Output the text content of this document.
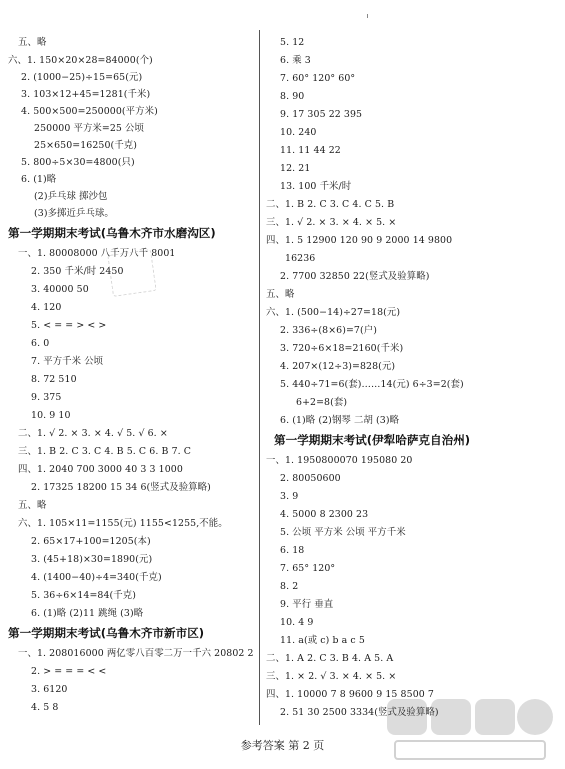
五、略
六、1. 150×20×28=84000(个)
2. (1000−25)÷15=65(元)
3. 103×12+45=1281(千米)
4. 500×500=250000(平方米)
250000 平方米=25 公顷
25×650=16250(千克)
5. 800÷5×30=4800(只)
6. (1)略
(2)乒乓球 掷沙包
(3)多掷近乒乓球。
第一学期期末考试(乌鲁木齐市水磨沟区)
一、1. 80008000 八千万八千 8001
2. 350 千米/时 2450
3. 40000 50
4. 120
5. < = = > < >
6. 0
7. 平方千米 公顷
8. 72 510
9. 375
10. 9 10
二、1. √ 2. × 3. × 4. √ 5. √ 6. ×
三、1. B 2. C 3. C 4. B 5. C 6. B 7. C
四、1. 2040 700 3000 40 3 3 1000
2. 17325 18200 15 34 6(竖式及验算略)
五、略
六、1. 105×11=1155(元) 1155<1255,不能。
2. 65×17+100=1205(本)
3. (45+18)×30=1890(元)
4. (1400−40)÷4=340(千克)
5. 36÷6×14=84(千克)
6. (1)略 (2)11 跳绳 (3)略
第一学期期末考试(乌鲁木齐市新市区)
一、1. 208016000 两亿零八百零二万一千六 20802 2
2. > = = = < <
3. 6120
4. 5 8
5. 12
6. 乘 3
7. 60° 120° 60°
8. 90
9. 17 305 22 395
10. 240
11. 11 44 22
12. 21
13. 100 千米/时
二、1. B 2. C 3. C 4. C 5. B
三、1. √ 2. × 3. × 4. × 5. ×
四、1. 5 12900 120 90 9 2000 14 9800
16236
2. 7700 32850 22(竖式及验算略)
五、略
六、1. (500−14)÷27=18(元)
2. 336÷(8×6)=7(户)
3. 720÷6×18=2160(千米)
4. 207×(12÷3)=828(元)
5. 440÷71=6(套)……14(元) 6÷3=2(套)
6+2=8(套)
6. (1)略 (2)钢琴 二胡 (3)略
第一学期期末考试(伊犁哈萨克自治州)
一、1. 1950800070 195080 20
2. 80050600
3. 9
4. 5000 8 2300 23
5. 公顷 平方米 公顷 平方千米
6. 18
7. 65° 120°
8. 2
9. 平行 垂直
10. 4 9
11. a(或 c) b a c 5
二、1. A 2. C 3. B 4. A 5. A
三、1. × 2. √ 3. × 4. × 5. ×
四、1. 10000 7 8 9600 9 15 8500 7
2. 51 30 2500 3334(竖式及验算略)
参考答案 第 2 页
